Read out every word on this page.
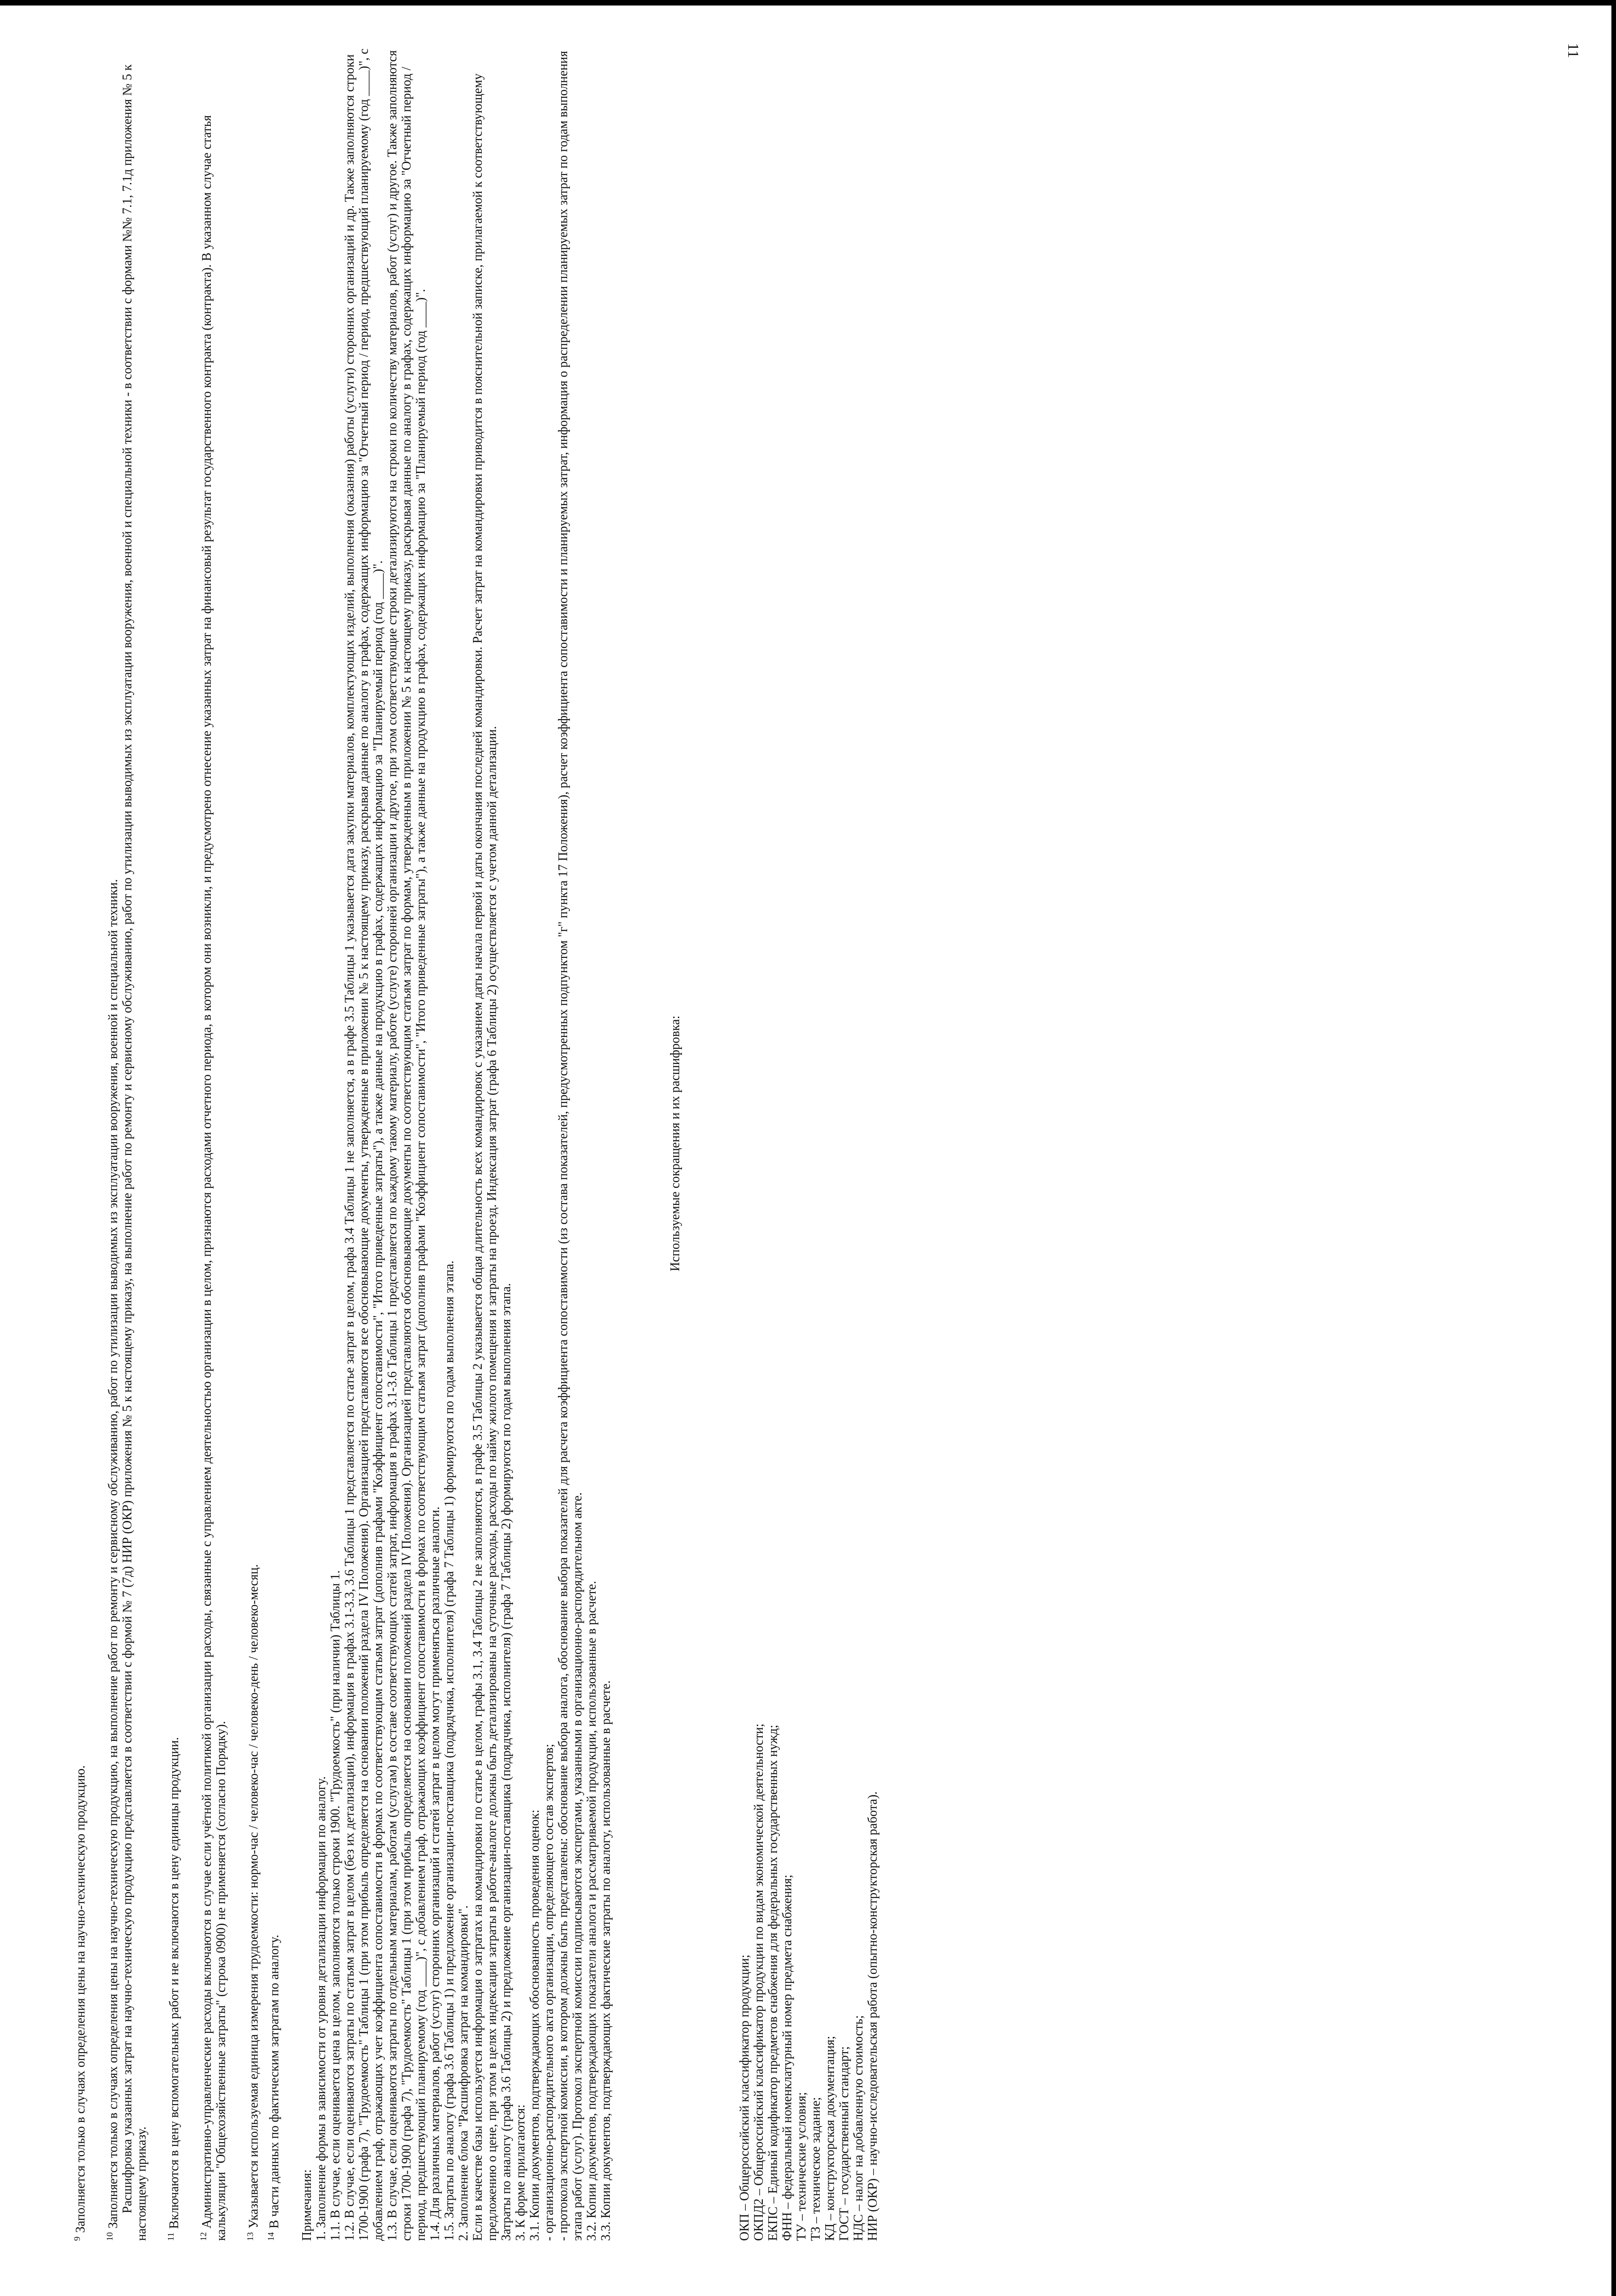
11

$^9$Заполняется только в случаях определения цены на научно-техническую продукцию.

$^{10}$Заполняется только в случаях определения цены на научно-техническую продукцию, на выполнение работ по ремонту и сервисному обслуживанию, работ по утилизации выводимых из эксплуатации вооружения, военной и специальной техники. Расшифровка указанных затрат на научно-техническую продукцию представляется в соответствии с формой № 7 (7д) НИР (ОКР) приложения № 5 к настоящему приказу, на выполнение работ по ремонту и сервисному обслуживанию, работ по утилизации выводимых из эксплуатации вооружения, военной и специальной техники - в соответствии с формами №№ 7.1, 7.1д приложения № 5 к настоящему приказу. $^{11}$Включаются в цену вспомогательных работ и не включаются в цену единицы продукции.

$^{12}$Административно-управленческие расходы включаются в случае если учётной политикой организации расходы, связанные с управлением деятельностью организации в целом, признаются расходами отчетного периода, в котором они возникли, и предусмотрено отнесение указанных затрат на финансовый результат государственного контракта (контракта). В указанном случае статья калькуляции "Общехозяйственные затраты" (строка 0900) не применяется (согласно Порядку). $^{13}$Указывается используемая единица измерения трудоемкости: нормо-час / человеко-час / человеко-день / человеко-месяц.

$^{14}$В части данных по фактическим затратам по аналогу. Примечания: 1. Заполнение формы в зависимости от уровня детализации информации по аналогу. 1.1. В случае, если оценивается цена в целом, заполняются только строки 1900. "Трудоемкость" (при наличии) Таблицы 1. 1.2. В случае, если оцениваются затраты по статьям затрат в целом (без их детализации), информация в графах 3.1-3.3, 3.6 Таблицы 1 представляется по статье затрат в целом, графа 3.4 Таблицы 1 не заполняется, а в графе 3.5 Таблицы 1 указывается дата закупки материалов, комплектующих изделий, выполнения (оказания) работы (услуги) сторонних организаций и др. Также заполняются строки 1700-1900 (графа 7), "Трудоемкость" Таблицы 1 (при этом прибыль определяется на основании положений раздела IV Положения). Организацией представляются все обосновывающие документы, утвержденные в приложении № 5 к настоящему приказу, раскрывая данные по аналогу в графах, содержащих информацию за "Отчетный период / период, предшествующий планируемому (год ____)", с добавлением граф, отражающих учет коэффициента сопоставимости в формах по соответствующим статьям затрат (дополнив графами "Коэффициент сопоставимости", "Итого приведенные затраты"), а также данные на продукцию в графах, содержащих информацию за "Планируемый период (год ____)". 1.3. В случае, если оцениваются затраты по отдельным материалам, работам (услугам) в составе соответствующих статей затрат, информация в графах 3.1-3.6 Таблицы 1 представляется по каждому такому материалу, работе (услуге) сторонней организации и другое, при этом соответствующие строки детализируются на строки по количеству материалов, работ (услуг) и другое. Также заполняются строки 1700-1900 (графа 7), "Трудоемкость" Таблицы 1 (при этом прибыль определяется на основании положений раздела IV Положения). Организацией представляются обосновывающие документы по соответствующим статьям затрат по формам, утвержденным в приложении № 5 к настоящему приказу, раскрывая данные по аналогу в графах, содержащих информацию за "Отчетный период / период, предшествующий планируемому (год ____)", с добавлением граф, отражающих коэффициент сопоставимости в формах по соответствующим статьям затрат (дополнив графами "Коэффициент сопоставимости", "Итого приведенные затраты"), а также данные на продукцию в графах, содержащих информацию за "Планируемый период (год ____)". 1.4. Для различных материалов, работ (услуг) сторонних организаций и статей затрат в целом могут применяться различные аналоги. 1.5. Затраты по аналогу (графа 3.6 Таблицы 1) и предложение организации-поставщика (подрядчика, исполнителя) (графа 7 Таблицы 1) формируются по годам выполнения этапа. 2. Заполнение блока "Расшифровка затрат на командировки". Если в качестве базы используется информация о затратах на командировки по статье в целом, графы 3.1, 3.4 Таблицы 2 не заполняются, в графе 3.5 Таблицы 2 указывается общая длительность всех командировок с указанием даты начала первой и даты окончания последней командировки. Расчет затрат на командировки приводится в пояснительной записке, прилагаемой к соответствующему предложению о цене, при этом в целях индексации затраты в работе-аналоге должны быть детализированы на суточные расходы, расходы по найму жилого помещения и затраты на проезд. Индексация затрат (графа 6 Таблицы 2) осуществляется с учетом данной детализации. Затраты по аналогу (графа 3.6 Таблицы 2) и предложение организации-поставщика (подрядчика, исполнителя) (графа 7 Таблицы 2) формируются по годам выполнения этапа. 3. К форме прилагаются: 3.1. Копии документов, подтверждающих обоснованность проведения оценок: - организационно-распорядительного акта организации, определяющего состав экспертов; - протокола экспертной комиссии, в котором должны быть представлены: обоснование выбора аналога, обоснование выбора показателей для расчета коэффициента сопоставимости (из состава показателей, предусмотренных подпунктом "г" пункта 17 Положения), расчет коэффициента сопоставимости и планируемых затрат, информация о распределении планируемых затрат по годам выполнения этапа работ (услуг). Протокол экспертной комиссии подписываются экспертами, указанными в организационно-распорядительном акте. 3.2. Копии документов, подтверждающих показатели аналога и рассматриваемой продукции, использованные в расчете. 3.3. Копии документов, подтверждающих фактические затраты по аналогу, использованные в расчете.

Используемые сокращения и их расшифровка:

ОКП – Общероссийский классификатор продукции; ОКПД2 – Общероссийский классификатор продукции по видам экономической деятельности; ЕКПС – Единый кодификатор предметов снабжения для федеральных государственных нужд; ФНН – федеральный номенклатурный номер предмета снабжения; ТУ – технические условия; ТЗ – техническое задание; КД – конструкторская документация; ГОСТ – государственный стандарт; НДС – налог на добавленную стоимость; НИР (ОКР) – научно-исследовательская работа (опытно-конструкторская работа).
